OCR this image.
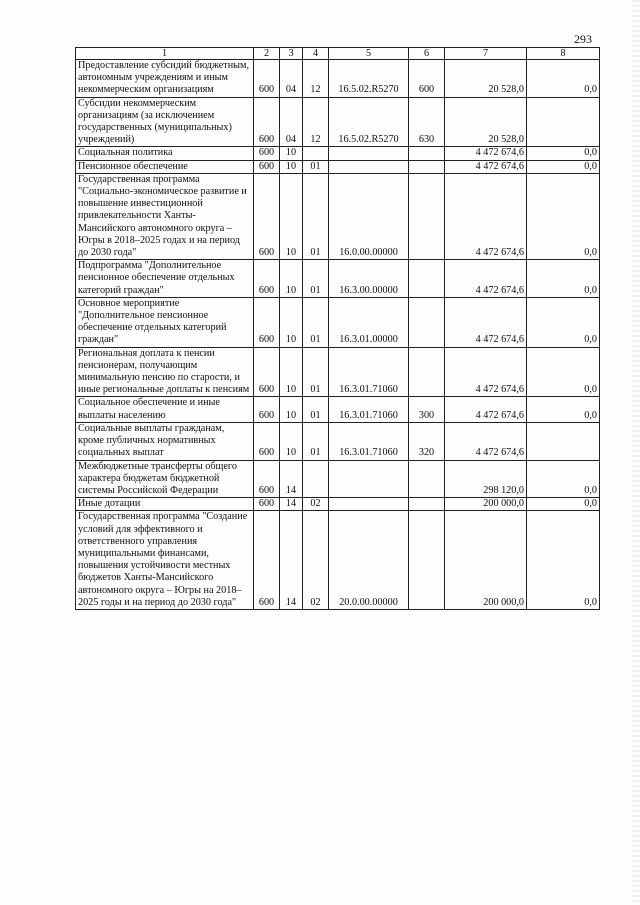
293
1	2	3	4	5	6	7	8
Предоставление субсидий бюджетным, автономным учреждениям и иным некоммерческим организациям	600	04	12	16.5.02.R5270	600	20 528,0	0,0
Субсидии некоммерческим организациям (за исключением государственных (муниципальных) учреждений)	600	04	12	16.5.02.R5270	630	20 528,0	
Социальная политика	600	10				4 472 674,6	0,0
Пенсионное обеспечение	600	10	01			4 472 674,6	0,0
Государственная программа "Социально-экономическое развитие и повышение инвестиционной привлекательности Ханты-Мансийского автономного округа – Югры в 2018–2025 годах и на период до 2030 года"	600	10	01	16.0.00.00000		4 472 674,6	0,0
Подпрограмма "Дополнительное пенсионное обеспечение отдельных категорий граждан"	600	10	01	16.3.00.00000		4 472 674,6	0,0
Основное мероприятие "Дополнительное пенсионное обеспечение отдельных категорий граждан"	600	10	01	16.3.01.00000		4 472 674,6	0,0
Региональная доплата к пенсии пенсионерам, получающим минимальную пенсию по старости, и иные региональные доплаты к пенсиям	600	10	01	16.3.01.71060		4 472 674,6	0,0
Социальное обеспечение и иные выплаты населению	600	10	01	16.3.01.71060	300	4 472 674,6	0,0
Социальные выплаты гражданам, кроме публичных нормативных социальных выплат	600	10	01	16.3.01.71060	320	4 472 674,6	
Межбюджетные трансферты общего характера бюджетам бюджетной системы Российской Федерации	600	14				298 120,0	0,0
Иные дотации	600	14	02			200 000,0	0,0
Государственная программа "Создание условий для эффективного и ответственного управления муниципальными финансами, повышения устойчивости местных бюджетов Ханты-Мансийского автономного округа – Югры на 2018–2025 годы и на период до 2030 года"	600	14	02	20.0.00.00000		200 000,0	0,0
